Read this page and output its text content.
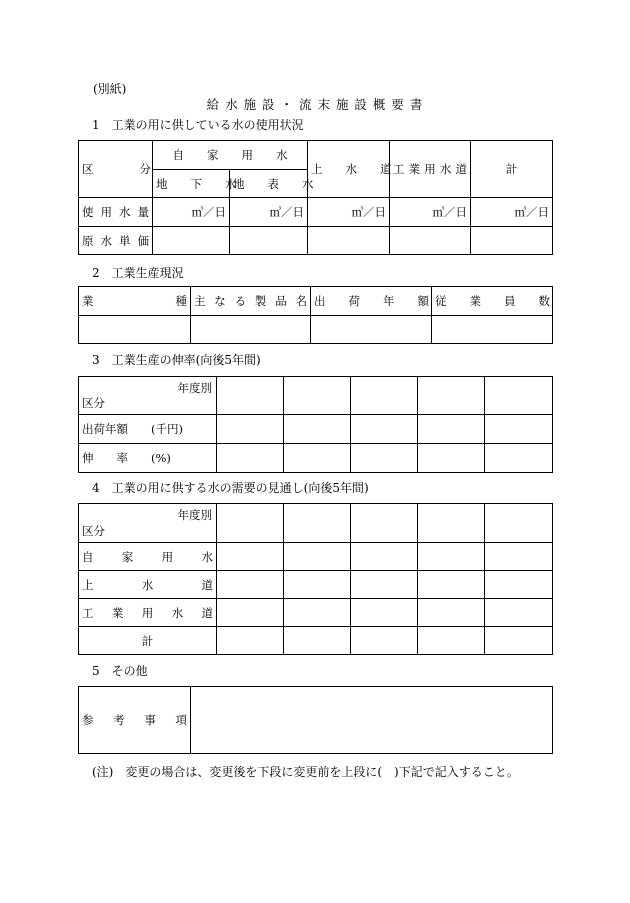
(別紙)
給 水 施 設 ・ 流 末 施 設 概 要 書
1　工業の用に供している水の使用状況
区　　　　分	自　　家　　用　　水		上　　水　　道	工業用水道	計
	地　　下　　水	地　　表　　水			
使 用 水 量	㎥／日	㎥／日	㎥／日	㎥／日	㎥／日
原 水 単 価					
2　工業生産現況
業　　　　　　種	主 な る 製 品 名	出　　荷　　年　　額	従　　業　　員　　数

3　工業生産の伸率(向後5年間)
年度別
区分					

出荷年額　　(千円)					
伸　　率　　(%)					
4　工業の用に供する水の需要の見通し(向後5年間)
年度別
区分					

自　　家　　用　　水					
上　　　水　　　道					
工　業　用　水　道					
計					
5　その他
参　考　事　項	
(注)　変更の場合は、変更後を下段に変更前を上段に(　)下記で記入すること。
